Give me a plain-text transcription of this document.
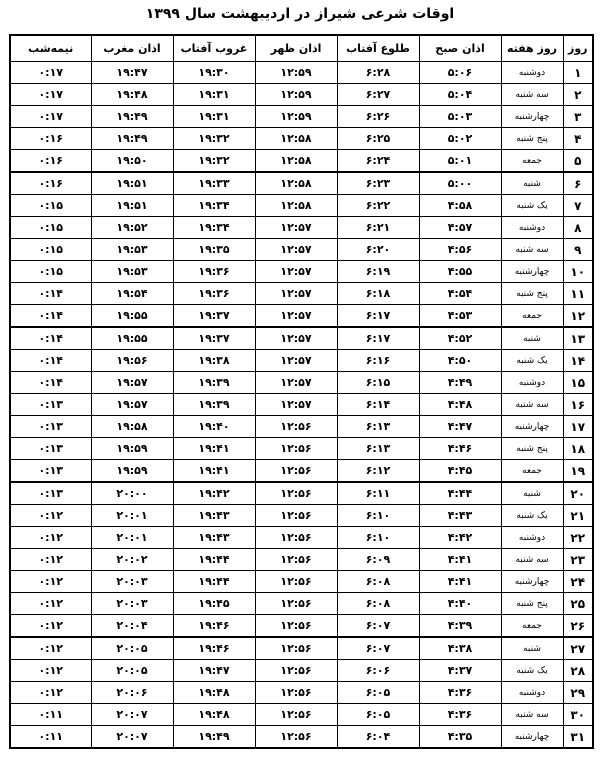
اوقات شرعی شیراز در اردیبهشت سال ۱۳۹۹
روز	روز هفته	اذان صبح	طلوع آفتاب	اذان ظهر	غروب آفتاب	اذان مغرب	نیمه‌شب
۱	دوشنبه	۵:۰۶	۶:۲۸	۱۲:۵۹	۱۹:۳۰	۱۹:۴۷	۰:۱۷
۲	سه شنبه	۵:۰۴	۶:۲۷	۱۲:۵۹	۱۹:۳۱	۱۹:۴۸	۰:۱۷
۳	چهارشنبه	۵:۰۳	۶:۲۶	۱۲:۵۹	۱۹:۳۱	۱۹:۴۹	۰:۱۷
۴	پنج شنبه	۵:۰۲	۶:۲۵	۱۲:۵۸	۱۹:۳۲	۱۹:۴۹	۰:۱۶
۵	جمعه	۵:۰۱	۶:۲۴	۱۲:۵۸	۱۹:۳۲	۱۹:۵۰	۰:۱۶
۶	شنبه	۵:۰۰	۶:۲۳	۱۲:۵۸	۱۹:۳۳	۱۹:۵۱	۰:۱۶
۷	یک شنبه	۴:۵۸	۶:۲۲	۱۲:۵۸	۱۹:۳۴	۱۹:۵۱	۰:۱۵
۸	دوشنبه	۴:۵۷	۶:۲۱	۱۲:۵۷	۱۹:۳۴	۱۹:۵۲	۰:۱۵
۹	سه شنبه	۴:۵۶	۶:۲۰	۱۲:۵۷	۱۹:۳۵	۱۹:۵۳	۰:۱۵
۱۰	چهارشنبه	۴:۵۵	۶:۱۹	۱۲:۵۷	۱۹:۳۶	۱۹:۵۳	۰:۱۵
۱۱	پنج شنبه	۴:۵۴	۶:۱۸	۱۲:۵۷	۱۹:۳۶	۱۹:۵۴	۰:۱۴
۱۲	جمعه	۴:۵۳	۶:۱۷	۱۲:۵۷	۱۹:۳۷	۱۹:۵۵	۰:۱۴
۱۳	شنبه	۴:۵۲	۶:۱۷	۱۲:۵۷	۱۹:۳۷	۱۹:۵۵	۰:۱۴
۱۴	یک شنبه	۴:۵۰	۶:۱۶	۱۲:۵۷	۱۹:۳۸	۱۹:۵۶	۰:۱۴
۱۵	دوشنبه	۴:۴۹	۶:۱۵	۱۲:۵۷	۱۹:۳۹	۱۹:۵۷	۰:۱۴
۱۶	سه شنبه	۴:۴۸	۶:۱۴	۱۲:۵۷	۱۹:۳۹	۱۹:۵۷	۰:۱۳
۱۷	چهارشنبه	۴:۴۷	۶:۱۳	۱۲:۵۶	۱۹:۴۰	۱۹:۵۸	۰:۱۳
۱۸	پنج شنبه	۴:۴۶	۶:۱۳	۱۲:۵۶	۱۹:۴۱	۱۹:۵۹	۰:۱۳
۱۹	جمعه	۴:۴۵	۶:۱۲	۱۲:۵۶	۱۹:۴۱	۱۹:۵۹	۰:۱۳
۲۰	شنبه	۴:۴۴	۶:۱۱	۱۲:۵۶	۱۹:۴۲	۲۰:۰۰	۰:۱۳
۲۱	یک شنبه	۴:۴۳	۶:۱۰	۱۲:۵۶	۱۹:۴۳	۲۰:۰۱	۰:۱۲
۲۲	دوشنبه	۴:۴۲	۶:۱۰	۱۲:۵۶	۱۹:۴۳	۲۰:۰۱	۰:۱۲
۲۳	سه شنبه	۴:۴۱	۶:۰۹	۱۲:۵۶	۱۹:۴۴	۲۰:۰۲	۰:۱۲
۲۴	چهارشنبه	۴:۴۱	۶:۰۸	۱۲:۵۶	۱۹:۴۴	۲۰:۰۳	۰:۱۲
۲۵	پنج شنبه	۴:۴۰	۶:۰۸	۱۲:۵۶	۱۹:۴۵	۲۰:۰۳	۰:۱۲
۲۶	جمعه	۴:۳۹	۶:۰۷	۱۲:۵۶	۱۹:۴۶	۲۰:۰۴	۰:۱۲
۲۷	شنبه	۴:۳۸	۶:۰۷	۱۲:۵۶	۱۹:۴۶	۲۰:۰۵	۰:۱۲
۲۸	یک شنبه	۴:۳۷	۶:۰۶	۱۲:۵۶	۱۹:۴۷	۲۰:۰۵	۰:۱۲
۲۹	دوشنبه	۴:۳۶	۶:۰۵	۱۲:۵۶	۱۹:۴۸	۲۰:۰۶	۰:۱۲
۳۰	سه شنبه	۴:۳۶	۶:۰۵	۱۲:۵۶	۱۹:۴۸	۲۰:۰۷	۰:۱۱
۳۱	چهارشنبه	۴:۳۵	۶:۰۴	۱۲:۵۶	۱۹:۴۹	۲۰:۰۷	۰:۱۱
